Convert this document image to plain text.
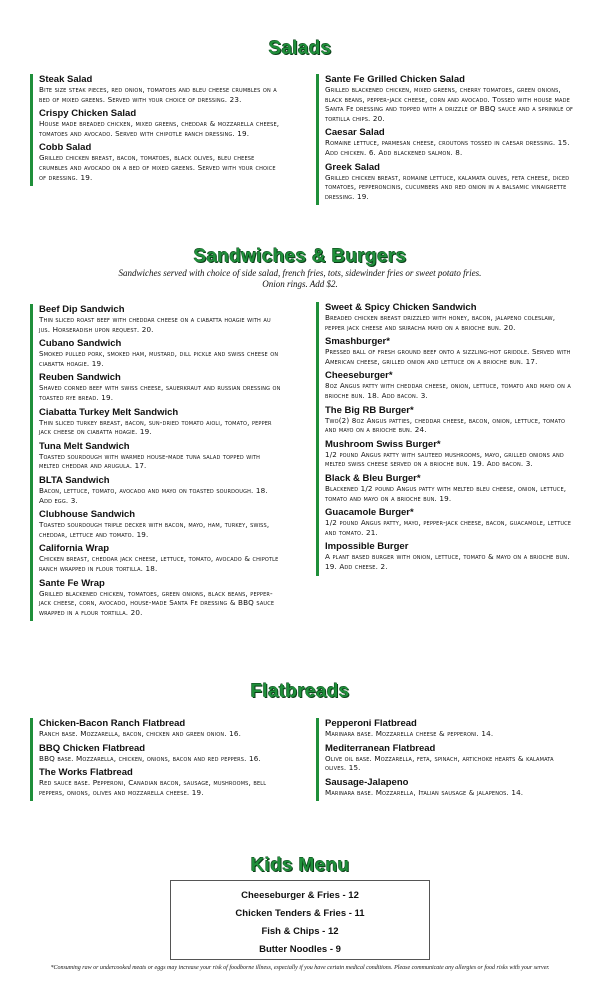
Salads
Steak Salad
Bite size steak pieces, red onion, tomatoes and bleu cheese crumbles on a bed of mixed greens. Served with your choice of dressing. 23.
Crispy Chicken Salad
House made breaded chicken, mixed greens, cheddar & mozzarella cheese, tomatoes and avocado. Served with chipotle ranch dressing. 19.
Cobb Salad
Grilled chicken breast, bacon, tomatoes, black olives, bleu cheese crumbles and avocado on a bed of mixed greens. Served with your choice of dressing. 19.
Sante Fe Grilled Chicken Salad
Grilled blackened chicken, mixed greens, cherry tomatoes, green onions, black beans, pepper-jack cheese, corn and avocado. Tossed with house made Santa Fe dressing and topped with a drizzle of BBQ sauce and a sprinkle of tortilla chips. 20.
Caesar Salad
Romaine lettuce, parmesan cheese, croutons tossed in caesar dressing. 15. Add chicken. 6. Add blackened salmon. 8.
Greek Salad
Grilled chicken breast, romaine lettuce, kalamata olives, feta cheese, diced tomatoes, pepperoncinis, cucumbers and red onion in a balsamic vinaigrette dressing. 19.
Sandwiches & Burgers
Sandwiches served with choice of side salad, french fries, tots, sidewinder fries or sweet potato fries.
Onion rings. Add $2.
Beef Dip Sandwich
Thin sliced roast beef with cheddar cheese on a ciabatta hoagie with au jus. Horseradish upon request. 20.
Cubano Sandwich
Smoked pulled pork, smoked ham, mustard, dill pickle and swiss cheese on ciabatta hoagie. 19.
Reuben Sandwich
Shaved corned beef with swiss cheese, sauerkraut and russian dressing on toasted rye bread. 19.
Ciabatta Turkey Melt Sandwich
Thin sliced turkey breast, bacon, sun-dried tomato aioli, tomato, pepper jack cheese on ciabatta hoagie. 19.
Tuna Melt Sandwich
Toasted sourdough with warmed house-made tuna salad topped with melted cheddar and arugula. 17.
BLTA Sandwich
Bacon, lettuce, tomato, avocado and mayo on toasted sourdough. 18. Add egg. 3.
Clubhouse Sandwich
Toasted sourdough triple decker with bacon, mayo, ham, turkey, swiss, cheddar, lettuce and tomato. 19.
California Wrap
Chicken breast, cheddar jack cheese, lettuce, tomato, avocado & chipotle ranch wrapped in flour tortilla. 18.
Sante Fe Wrap
Grilled blackened chicken, tomatoes, green onions, black beans, pepper-jack cheese, corn, avocado, house-made Santa Fe dressing & BBQ sauce wrapped in a flour tortilla. 20.
Sweet & Spicy Chicken Sandwich
Breaded chicken breast drizzled with honey, bacon, jalapeno coleslaw, pepper jack cheese and sriracha mayo on a brioche bun. 20.
Smashburger*
Pressed ball of fresh ground beef onto a sizzling-hot griddle. Served with American cheese, grilled onion and lettuce on a brioche bun. 17.
Cheeseburger*
8oz Angus patty with cheddar cheese, onion, lettuce, tomato and mayo on a brioche bun. 18. Add bacon. 3.
The Big RB Burger*
Two(2) 8oz Angus patties, cheddar cheese, bacon, onion, lettuce, tomato and mayo on a brioche bun. 24.
Mushroom Swiss Burger*
1/2 pound Angus patty with sauteed mushrooms, mayo, grilled onions and melted swiss cheese served on a brioche bun. 19. Add bacon. 3.
Black & Bleu Burger*
Blackened 1/2 pound Angus patty with melted bleu cheese, onion, lettuce, tomato and mayo on a brioche bun. 19.
Guacamole Burger*
1/2 pound Angus patty, mayo, pepper-jack cheese, bacon, guacamole, lettuce and tomato. 21.
Impossible Burger
A plant based burger with onion, lettuce, tomato & mayo on a brioche bun. 19. Add cheese. 2.
Flatbreads
Chicken-Bacon Ranch Flatbread
Ranch base. Mozzarella, bacon, chicken and green onion. 16.
BBQ Chicken Flatbread
BBQ base. Mozzarella, chicken, onions, bacon and red peppers. 16.
The Works Flatbread
Red sauce base. Pepperoni, Canadian bacon, sausage, mushrooms, bell peppers, onions, olives and mozzarella cheese. 19.
Pepperoni Flatbread
Marinara base. Mozzarella cheese & pepperoni. 14.
Mediterranean Flatbread
Olive oil base. Mozzarella, feta, spinach, artichoke hearts & kalamata olives. 15.
Sausage-Jalapeno
Marinara base. Mozzarella, Italian sausage & jalapenos. 14.
Kids Menu
Cheeseburger & Fries - 12
Chicken Tenders & Fries - 11
Fish & Chips - 12
Butter Noodles - 9
*Consuming raw or undercooked meats or eggs may increase your risk of foodborne illness, especially if you have certain medical conditions. Please communicate any allergies or food risks with your server.
